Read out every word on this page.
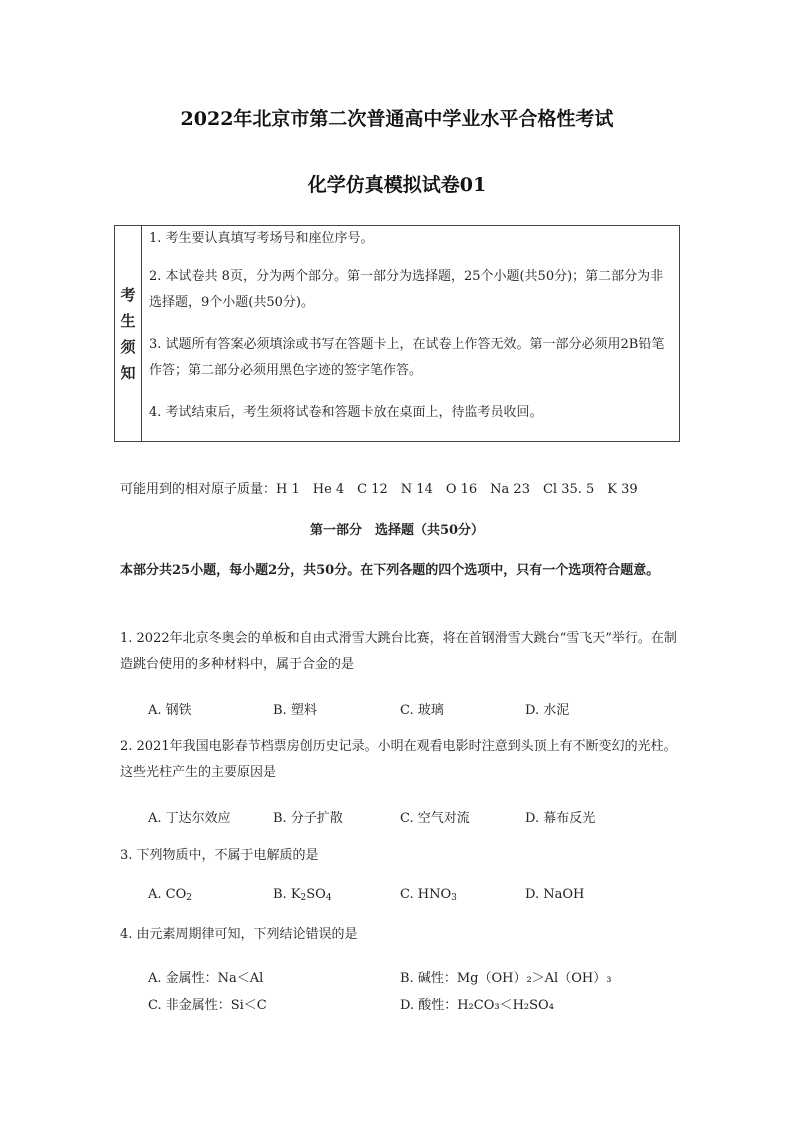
2022年北京市第二次普通高中学业水平合格性考试
化学仿真模拟试卷01
考
生
须
知
1. 考生要认真填写考场号和座位序号。
2. 本试卷共 8页，分为两个部分。第一部分为选择题，25个小题(共50分)；第二部分为非选择题，9个小题(共50分)。
3. 试题所有答案必须填涂或书写在答题卡上，在试卷上作答无效。第一部分必须用2B铅笔作答；第二部分必须用黑色字迹的签字笔作答。
4. 考试结束后，考生须将试卷和答题卡放在桌面上，待监考员收回。
可能用到的相对原子质量：H 1　He 4　C 12　N 14　O 16　Na 23　Cl 35. 5　K 39
第一部分　选择题（共50分）
本部分共25小题，每小题2分，共50分。在下列各题的四个选项中，只有一个选项符合题意。
1. 2022年北京冬奥会的单板和自由式滑雪大跳台比赛，将在首钢滑雪大跳台“雪飞天”举行。在制造跳台使用的多种材料中，属于合金的是
A. 钢铁	B. 塑料	C. 玻璃	D. 水泥
2. 2021年我国电影春节档票房创历史记录。小明在观看电影时注意到头顶上有不断变幻的光柱。这些光柱产生的主要原因是
A. 丁达尔效应	B. 分子扩散	C. 空气对流	D. 幕布反光
3. 下列物质中，不属于电解质的是
A. $CO_2$	B. $K_2SO_4$	C. $HNO_3$	D. NaOH
4. 由元素周期律可知，下列结论错误的是
A. 金属性：Na＜Al	B. 碱性：Mg（OH）₂＞Al（OH）₃
C. 非金属性：Si＜C	D. 酸性：H₂CO₃＜H₂SO₄
